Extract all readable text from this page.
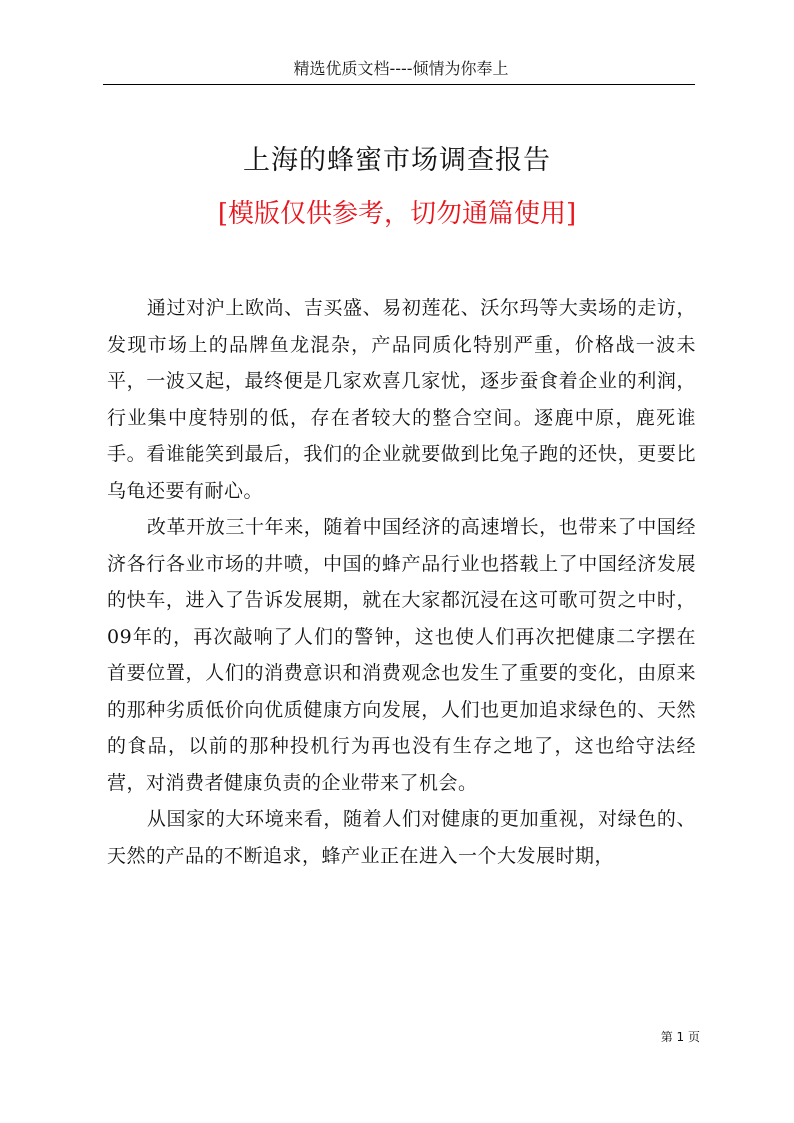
精选优质文档----倾情为你奉上
上海的蜂蜜市场调查报告
[模版仅供参考，切勿通篇使用]

通过对沪上欧尚、吉买盛、易初莲花、沃尔玛等大卖场的走访，发现市场上的品牌鱼龙混杂，产品同质化特别严重，价格战一波未平，一波又起，最终便是几家欢喜几家忧，逐步蚕食着企业的利润，行业集中度特别的低，存在者较大的整合空间。逐鹿中原，鹿死谁手。看谁能笑到最后，我们的企业就要做到比兔子跑的还快，更要比乌龟还要有耐心。

改革开放三十年来，随着中国经济的高速增长，也带来了中国经济各行各业市场的井喷，中国的蜂产品行业也搭载上了中国经济发展的快车，进入了告诉发展期，就在大家都沉浸在这可歌可贺之中时，09年的，再次敲响了人们的警钟，这也使人们再次把健康二字摆在首要位置，人们的消费意识和消费观念也发生了重要的变化，由原来的那种劣质低价向优质健康方向发展，人们也更加追求绿色的、天然的食品，以前的那种投机行为再也没有生存之地了，这也给守法经营，对消费者健康负责的企业带来了机会。

从国家的大环境来看，随着人们对健康的更加重视，对绿色的、天然的产品的不断追求，蜂产业正在进入一个大发展时期，

第 1 页
